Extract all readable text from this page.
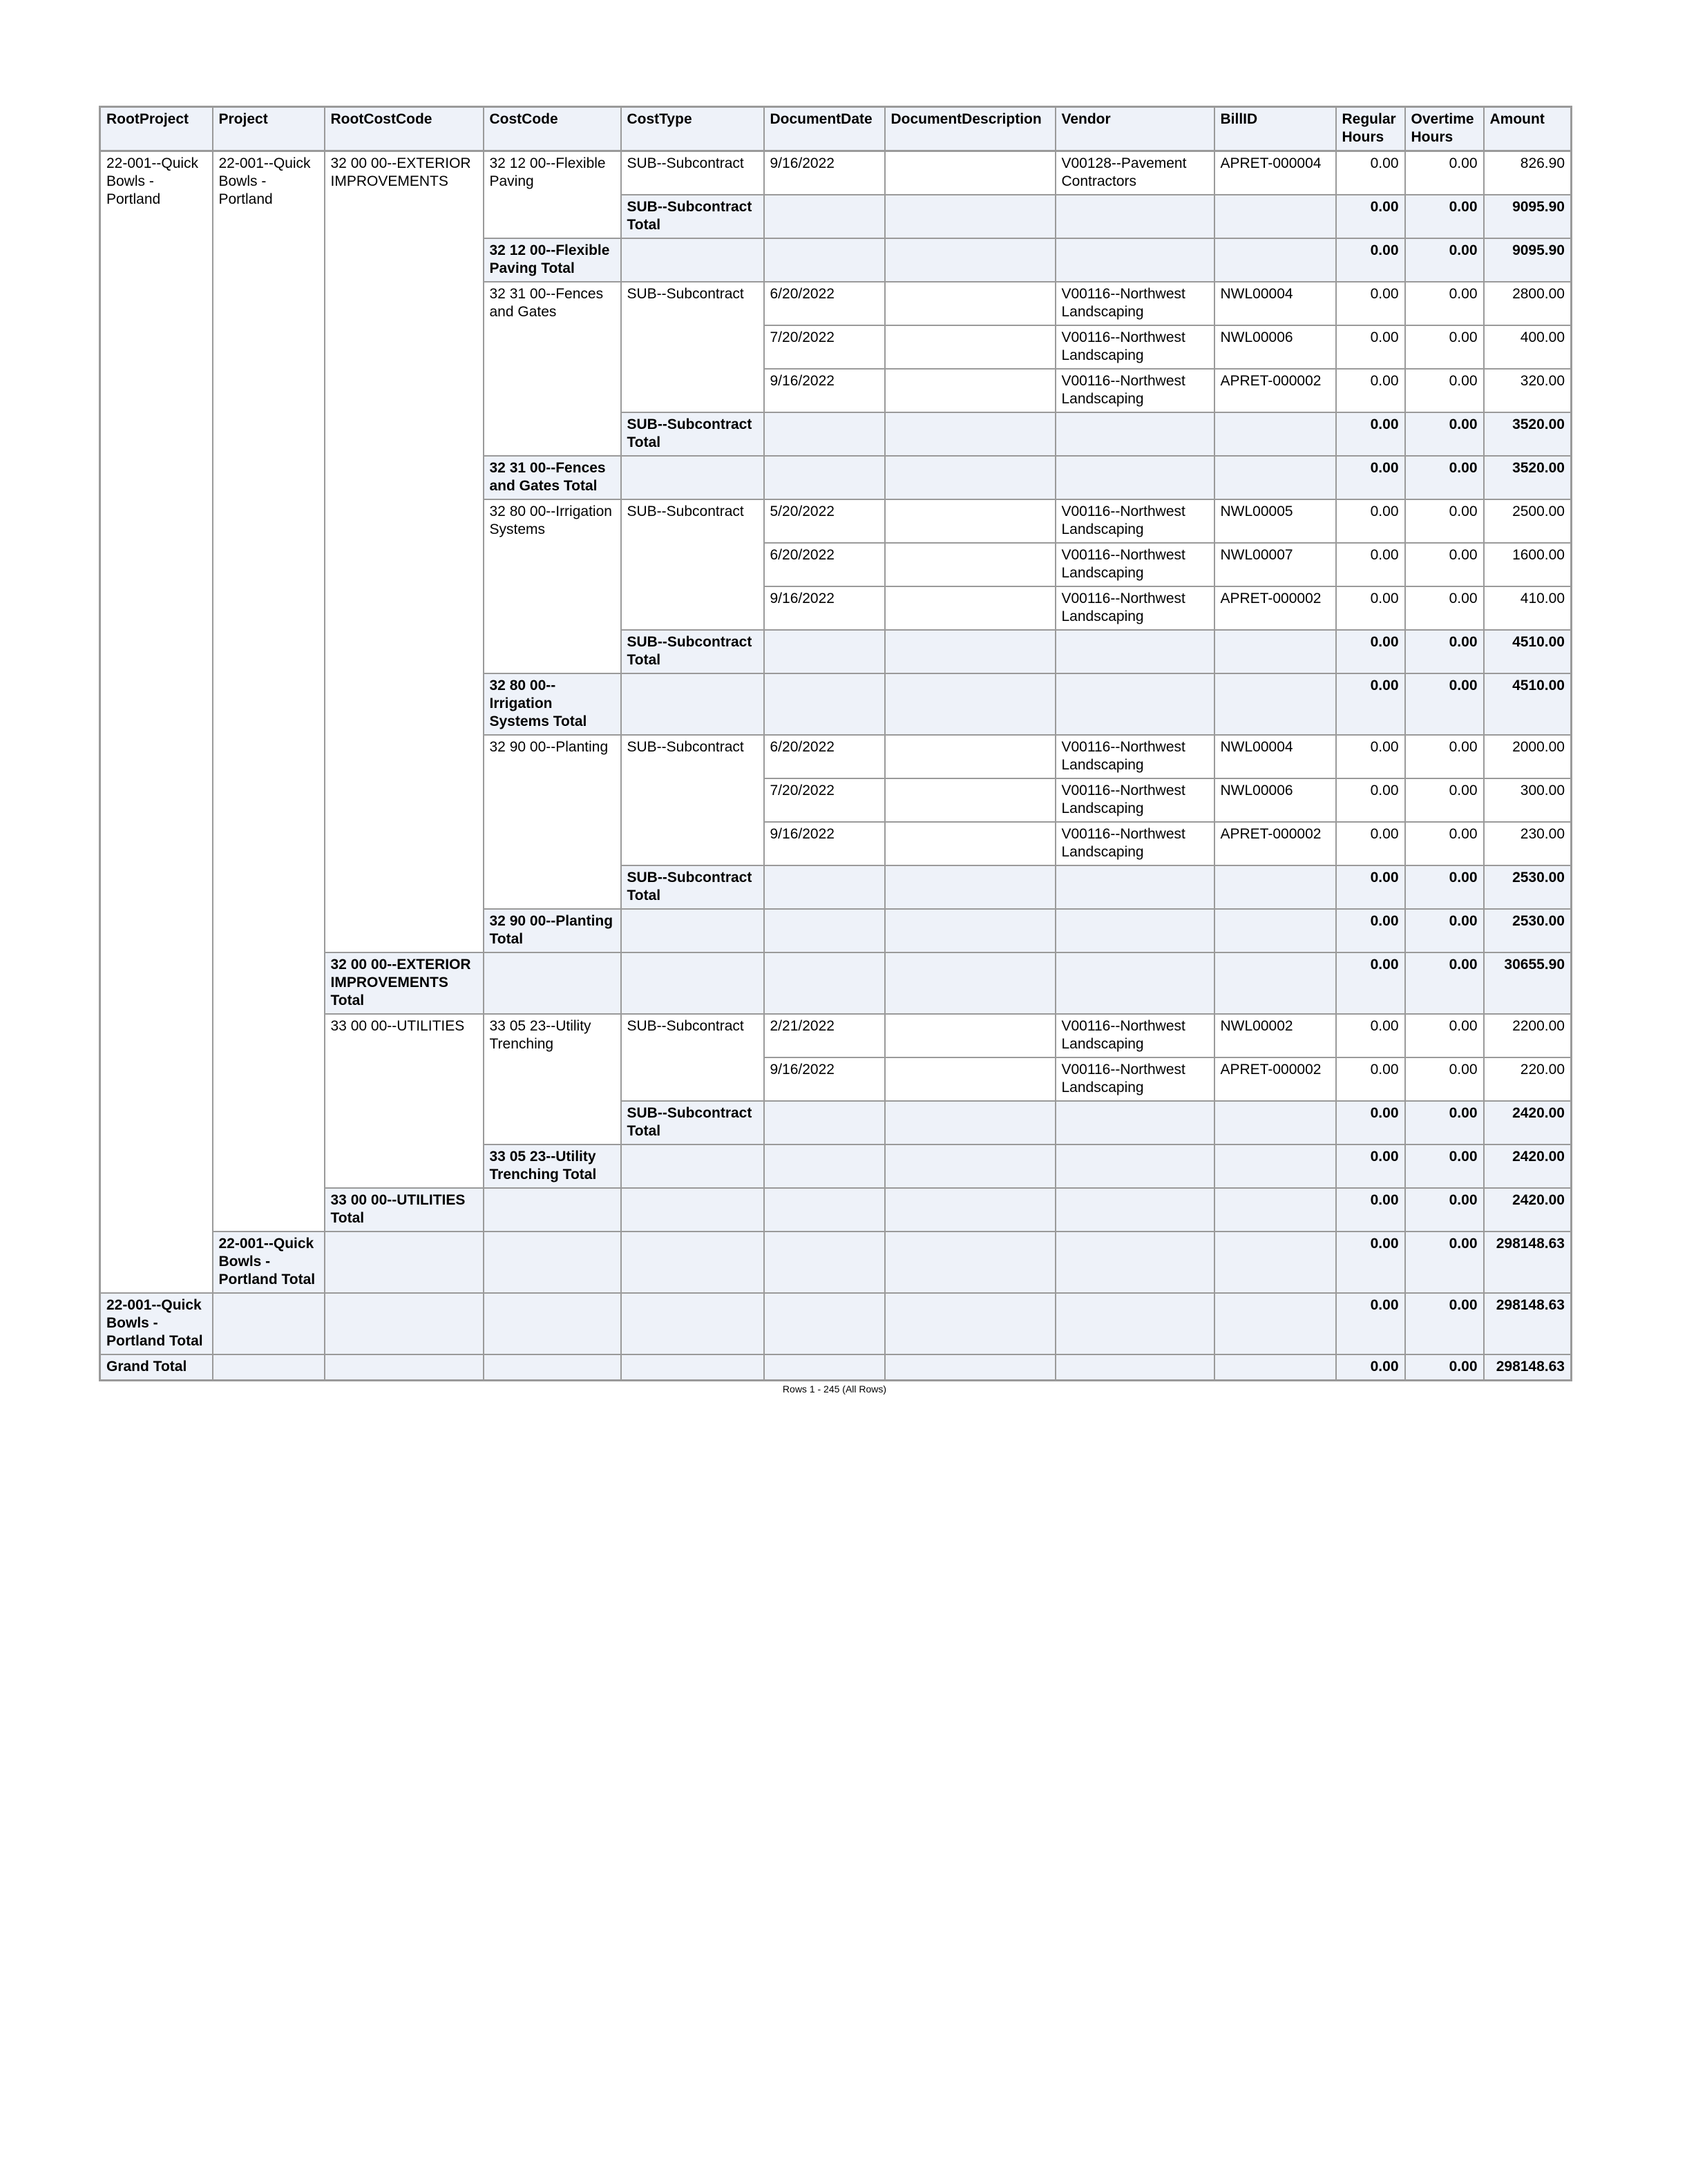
RootProject	Project	RootCostCode	CostCode	CostType	DocumentDate	DocumentDescription	Vendor	BillID	Regular Hours	Overtime Hours	Amount
22-001--Quick Bowls - Portland	22-001--Quick Bowls - Portland	32 00 00--EXTERIOR IMPROVEMENTS	32 12 00--Flexible Paving	SUB--Subcontract	9/16/2022		V00128--Pavement Contractors	APRET-000004	0.00	0.00	826.90
				SUB--Subcontract Total					0.00	0.00	9095.90
			32 12 00--Flexible Paving Total						0.00	0.00	9095.90
			32 31 00--Fences and Gates	SUB--Subcontract	6/20/2022		V00116--Northwest Landscaping	NWL00004	0.00	0.00	2800.00
					7/20/2022		V00116--Northwest Landscaping	NWL00006	0.00	0.00	400.00
					9/16/2022		V00116--Northwest Landscaping	APRET-000002	0.00	0.00	320.00
				SUB--Subcontract Total					0.00	0.00	3520.00
			32 31 00--Fences and Gates Total						0.00	0.00	3520.00
			32 80 00--Irrigation Systems	SUB--Subcontract	5/20/2022		V00116--Northwest Landscaping	NWL00005	0.00	0.00	2500.00
					6/20/2022		V00116--Northwest Landscaping	NWL00007	0.00	0.00	1600.00
					9/16/2022		V00116--Northwest Landscaping	APRET-000002	0.00	0.00	410.00
				SUB--Subcontract Total					0.00	0.00	4510.00
			32 80 00--Irrigation Systems Total						0.00	0.00	4510.00
			32 90 00--Planting	SUB--Subcontract	6/20/2022		V00116--Northwest Landscaping	NWL00004	0.00	0.00	2000.00
					7/20/2022		V00116--Northwest Landscaping	NWL00006	0.00	0.00	300.00
					9/16/2022		V00116--Northwest Landscaping	APRET-000002	0.00	0.00	230.00
				SUB--Subcontract Total					0.00	0.00	2530.00
			32 90 00--Planting Total						0.00	0.00	2530.00
		32 00 00--EXTERIOR IMPROVEMENTS Total							0.00	0.00	30655.90
		33 00 00--UTILITIES	33 05 23--Utility Trenching	SUB--Subcontract	2/21/2022		V00116--Northwest Landscaping	NWL00002	0.00	0.00	2200.00
					9/16/2022		V00116--Northwest Landscaping	APRET-000002	0.00	0.00	220.00
				SUB--Subcontract Total					0.00	0.00	2420.00
			33 05 23--Utility Trenching Total						0.00	0.00	2420.00
		33 00 00--UTILITIES Total							0.00	0.00	2420.00
	22-001--Quick Bowls - Portland Total								0.00	0.00	298148.63
22-001--Quick Bowls - Portland Total									0.00	0.00	298148.63
Grand Total									0.00	0.00	298148.63
Rows 1 - 245 (All Rows)
